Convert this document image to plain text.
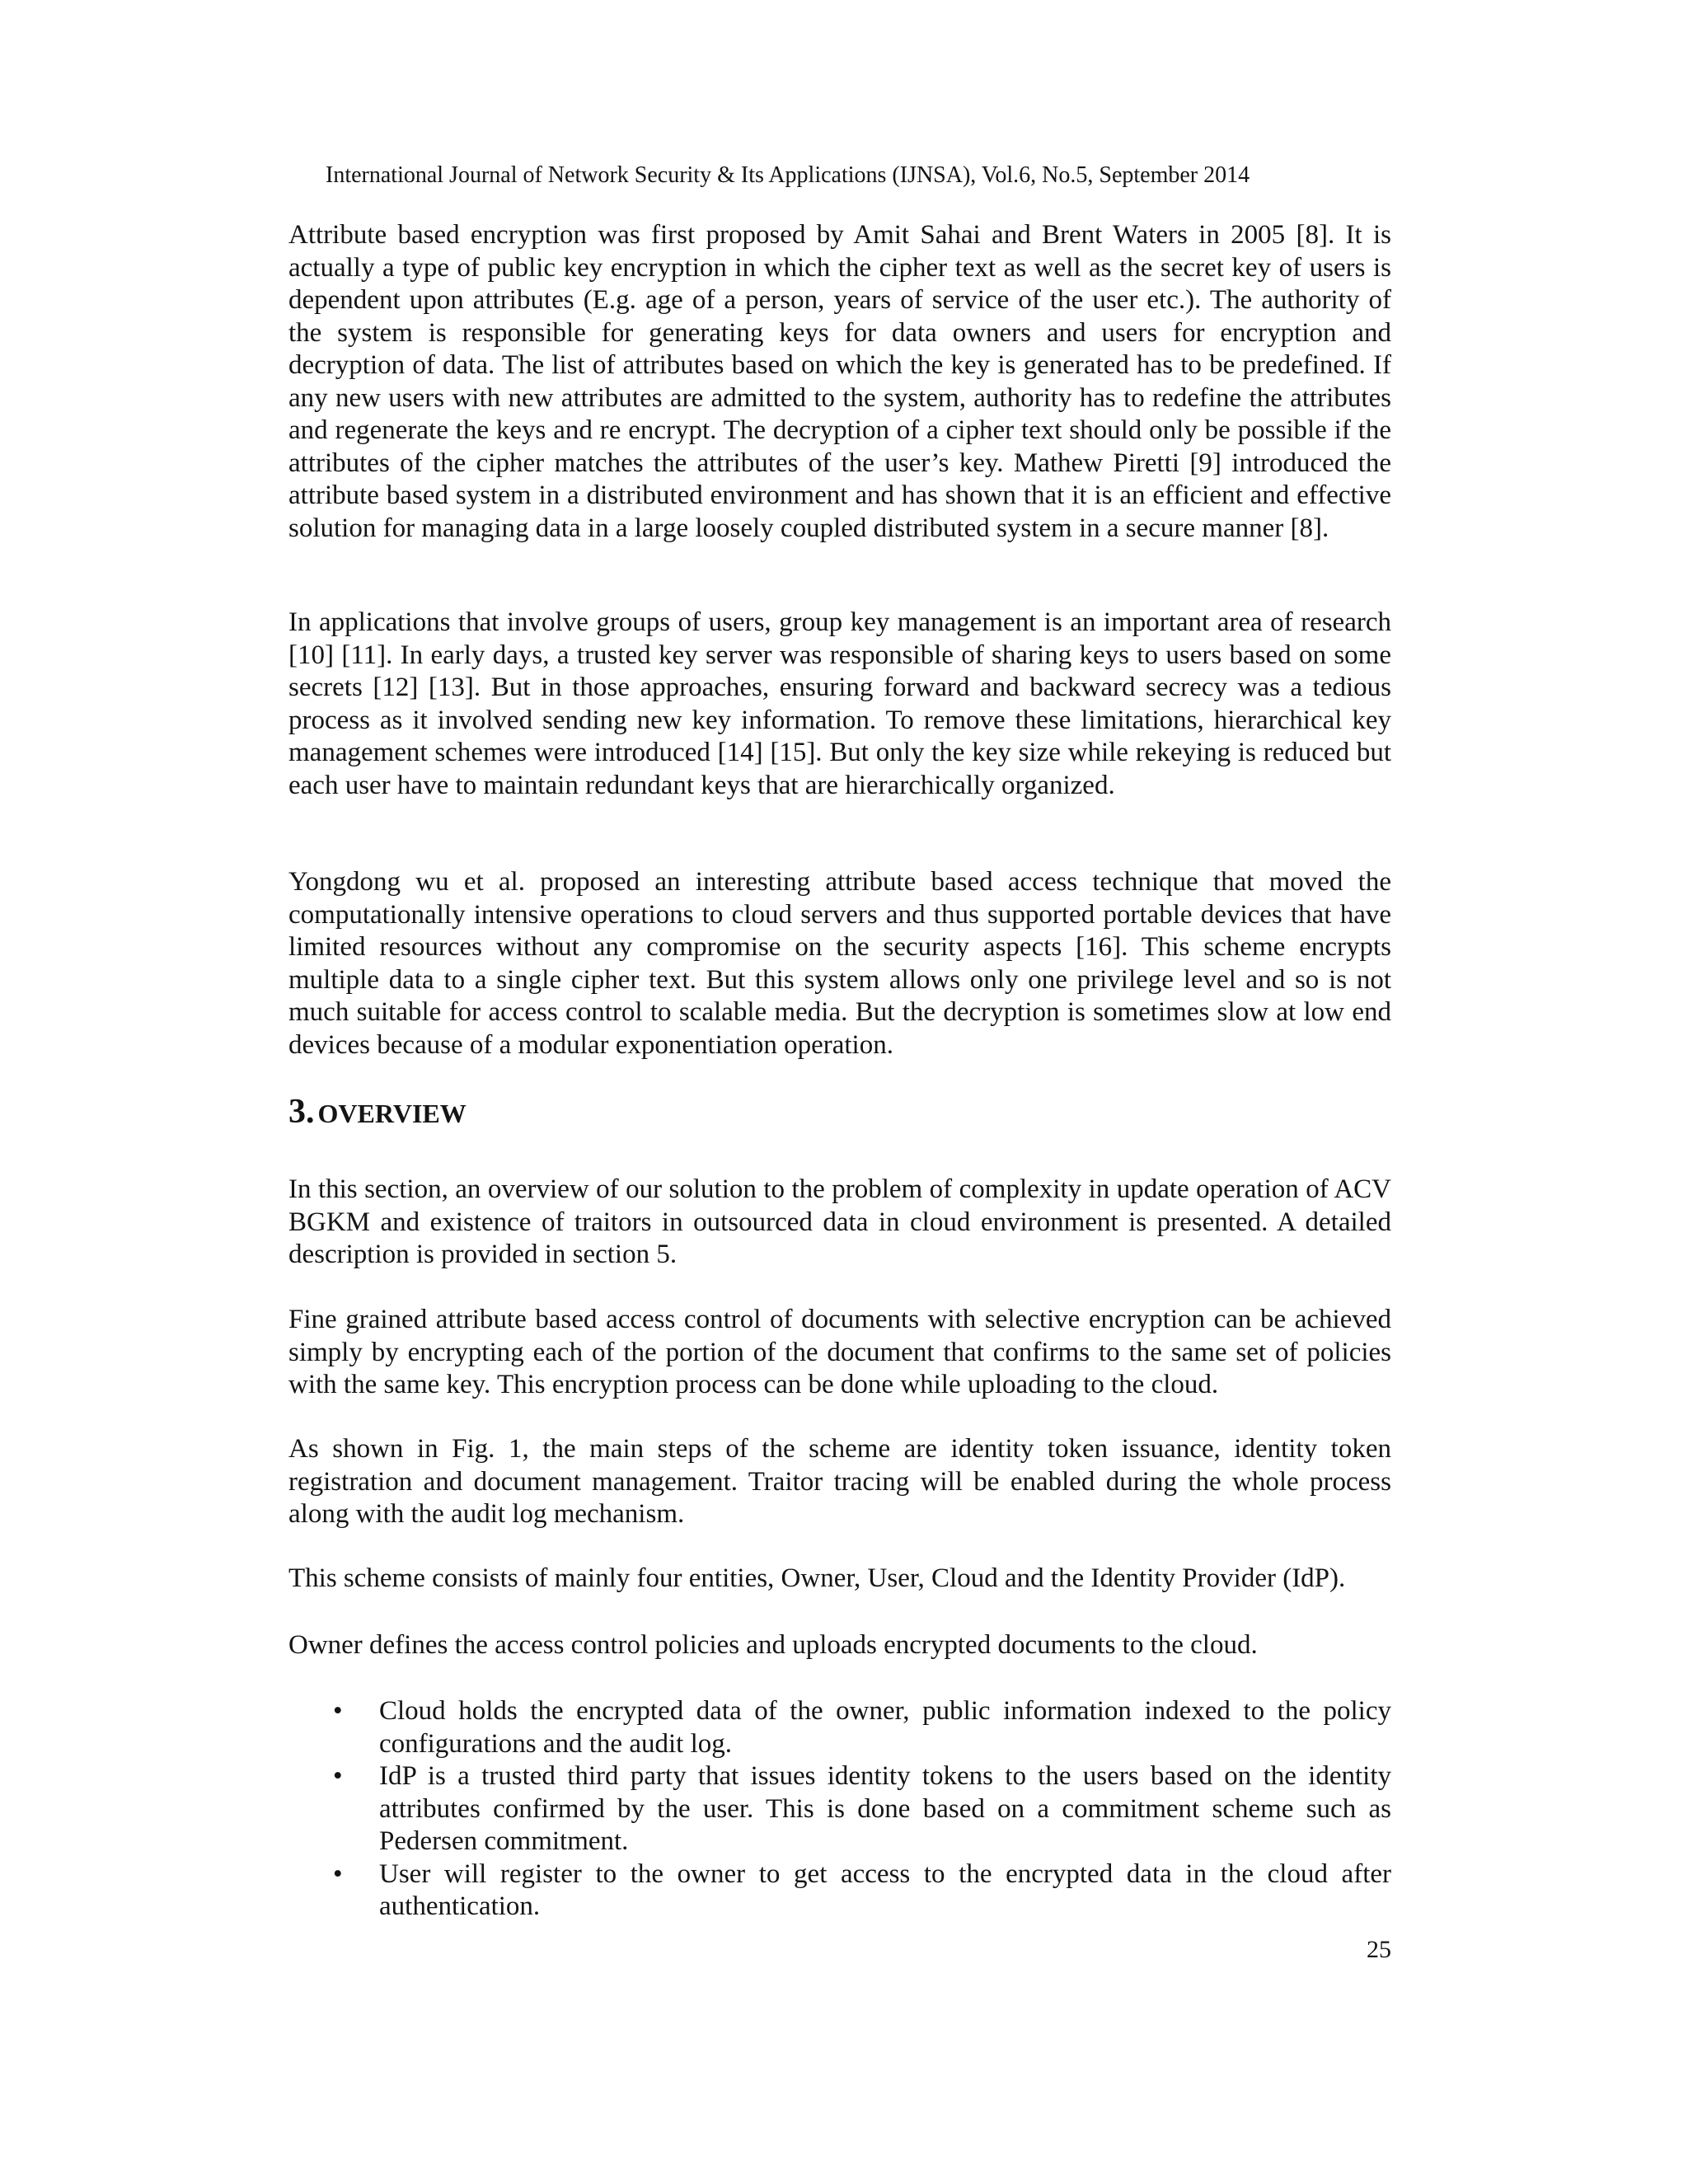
International Journal of Network Security & Its Applications (IJNSA), Vol.6, No.5, September 2014

Attribute based encryption was first proposed by Amit Sahai and Brent Waters in 2005 [8]. It is actually a type of public key encryption in which the cipher text as well as the secret key of users is dependent upon attributes (E.g. age of a person, years of service of the user etc.). The authority of the system is responsible for generating keys for data owners and users for encryption and decryption of data. The list of attributes based on which the key is generated has to be predefined. If any new users with new attributes are admitted to the system, authority has to redefine the attributes and regenerate the keys and re encrypt. The decryption of a cipher text should only be possible if the attributes of the cipher matches the attributes of the user’s key. Mathew Piretti [9] introduced the attribute based system in a distributed environment and has shown that it is an efficient and effective solution for managing data in a large loosely coupled distributed system in a secure manner [8].

In applications that involve groups of users, group key management is an important area of research [10] [11]. In early days, a trusted key server was responsible of sharing keys to users based on some secrets [12] [13]. But in those approaches, ensuring forward and backward secrecy was a tedious process as it involved sending new key information. To remove these limitations, hierarchical key management schemes were introduced [14] [15]. But only the key size while rekeying is reduced but each user have to maintain redundant keys that are hierarchically organized.

Yongdong wu et al. proposed an interesting attribute based access technique that moved the computationally intensive operations to cloud servers and thus supported portable devices that have limited resources without any compromise on the security aspects [16]. This scheme encrypts multiple data to a single cipher text. But this system allows only one privilege level and so is not much suitable for access control to scalable media. But the decryption is sometimes slow at low end devices because of a modular exponentiation operation.

3. OVERVIEW

In this section, an overview of our solution to the problem of complexity in update operation of ACV BGKM and existence of traitors in outsourced data in cloud environment is presented. A detailed description is provided in section 5.

Fine grained attribute based access control of documents with selective encryption can be achieved simply by encrypting each of the portion of the document that confirms to the same set of policies with the same key. This encryption process can be done while uploading to the cloud.

As shown in Fig. 1, the main steps of the scheme are identity token issuance, identity token registration and document management. Traitor tracing will be enabled during the whole process along with the audit log mechanism.

This scheme consists of mainly four entities, Owner, User, Cloud and the Identity Provider (IdP).

Owner defines the access control policies and uploads encrypted documents to the cloud.

• Cloud holds the encrypted data of the owner, public information indexed to the policy configurations and the audit log.
• IdP is a trusted third party that issues identity tokens to the users based on the identity attributes confirmed by the user. This is done based on a commitment scheme such as Pedersen commitment.
• User will register to the owner to get access to the encrypted data in the cloud after authentication.
25
